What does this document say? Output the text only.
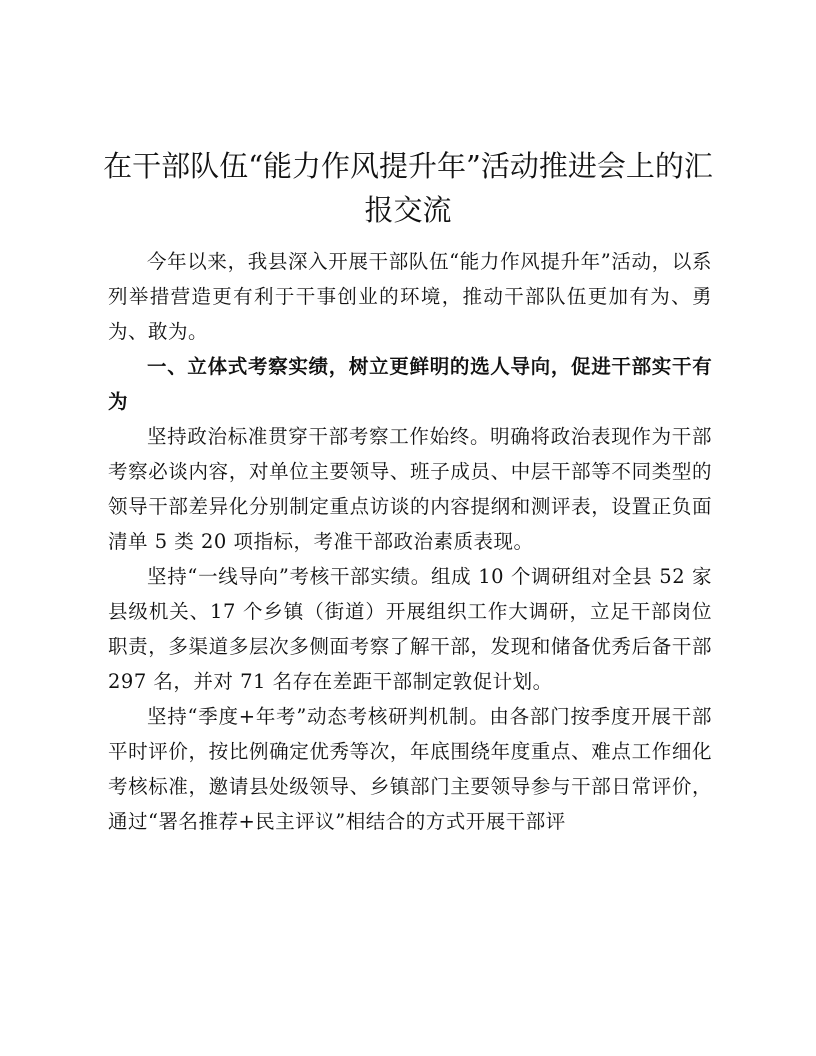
在干部队伍“能力作风提升年”活动推进会上的汇报交流

今年以来，我县深入开展干部队伍“能力作风提升年”活动，以系列举措营造更有利于干事创业的环境，推动干部队伍更加有为、勇为、敢为。

一、立体式考察实绩，树立更鲜明的选人导向，促进干部实干有为

坚持政治标准贯穿干部考察工作始终。明确将政治表现作为干部考察必谈内容，对单位主要领导、班子成员、中层干部等不同类型的领导干部差异化分别制定重点访谈的内容提纲和测评表，设置正负面清单 5 类 20 项指标，考准干部政治素质表现。

坚持“一线导向”考核干部实绩。组成 10 个调研组对全县 52 家县级机关、17 个乡镇（街道）开展组织工作大调研，立足干部岗位职责，多渠道多层次多侧面考察了解干部，发现和储备优秀后备干部 297 名，并对 71 名存在差距干部制定敦促计划。

坚持“季度+年考”动态考核研判机制。由各部门按季度开展干部平时评价，按比例确定优秀等次，年底围绕年度重点、难点工作细化考核标准，邀请县处级领导、乡镇部门主要领导参与干部日常评价，通过“署名推荐+民主评议”相结合的方式开展干部评
